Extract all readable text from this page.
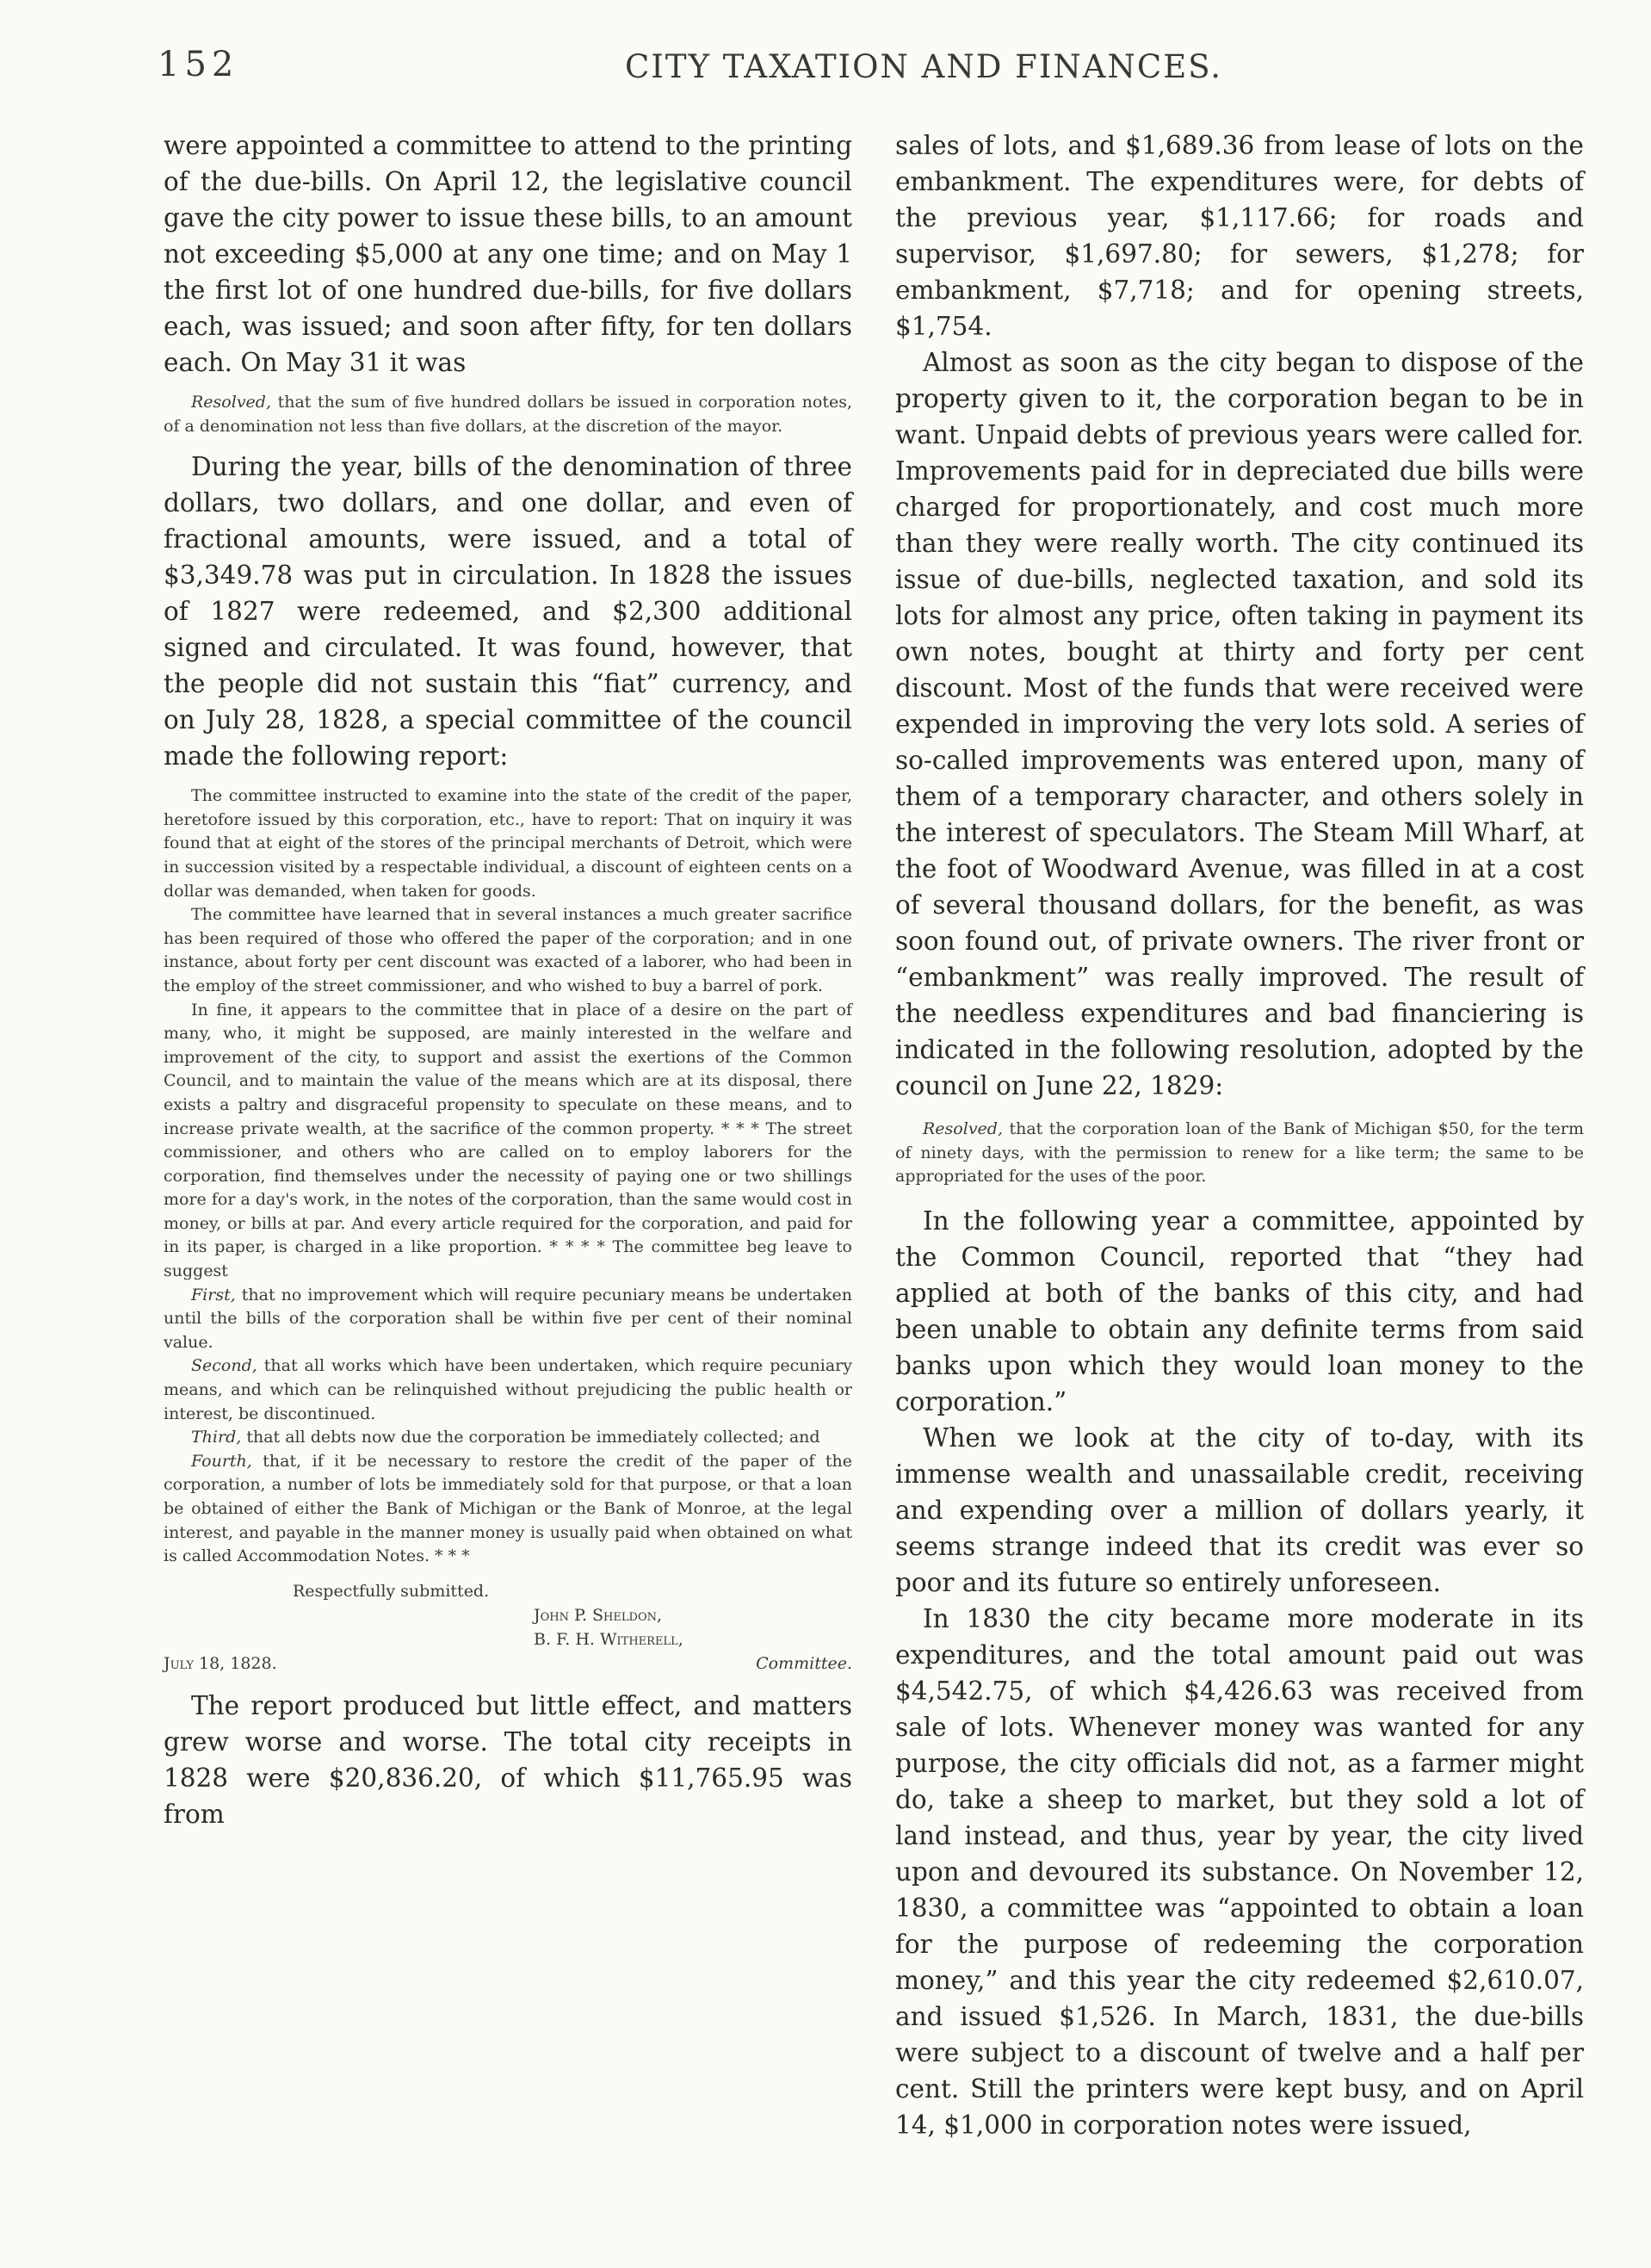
152	CITY TAXATION AND FINANCES.

were appointed a committee to attend to the printing of the due-bills. On April 12, the legislative council gave the city power to issue these bills, to an amount not exceeding $5,000 at any one time; and on May 1 the first lot of one hundred due-bills, for five dollars each, was issued; and soon after fifty, for ten dollars each. On May 31 it was

Resolved, that the sum of five hundred dollars be issued in corporation notes, of a denomination not less than five dollars, at the discretion of the mayor.

During the year, bills of the denomination of three dollars, two dollars, and one dollar, and even of fractional amounts, were issued, and a total of $3,349.78 was put in circulation. In 1828 the issues of 1827 were redeemed, and $2,300 additional signed and circulated. It was found, however, that the people did not sustain this “fiat” currency, and on July 28, 1828, a special committee of the council made the following report:

The committee instructed to examine into the state of the credit of the paper, heretofore issued by this corporation, etc., have to report: That on inquiry it was found that at eight of the stores of the principal merchants of Detroit, which were in succession visited by a respectable individual, a discount of eighteen cents on a dollar was demanded, when taken for goods.

The committee have learned that in several instances a much greater sacrifice has been required of those who offered the paper of the corporation; and in one instance, about forty per cent discount was exacted of a laborer, who had been in the employ of the street commissioner, and who wished to buy a barrel of pork.

In fine, it appears to the committee that in place of a desire on the part of many, who, it might be supposed, are mainly interested in the welfare and improvement of the city, to support and assist the exertions of the Common Council, and to maintain the value of the means which are at its disposal, there exists a paltry and disgraceful propensity to speculate on these means, and to increase private wealth, at the sacrifice of the common property. * * * The street commissioner, and others who are called on to employ laborers for the corporation, find themselves under the necessity of paying one or two shillings more for a day's work, in the notes of the corporation, than the same would cost in money, or bills at par. And every article required for the corporation, and paid for in its paper, is charged in a like proportion. * * * * The committee beg leave to suggest

First, that no improvement which will require pecuniary means be undertaken until the bills of the corporation shall be within five per cent of their nominal value.

Second, that all works which have been undertaken, which require pecuniary means, and which can be relinquished without prejudicing the public health or interest, be discontinued.

Third, that all debts now due the corporation be immediately collected; and

Fourth, that, if it be necessary to restore the credit of the paper of the corporation, a number of lots be immediately sold for that purpose, or that a loan be obtained of either the Bank of Michigan or the Bank of Monroe, at the legal interest, and payable in the manner money is usually paid when obtained on what is called Accommodation Notes. * * *

Respectfully submitted.
John P. Sheldon,
B. F. H. Witherell,
July 18, 1828.	Committee.

The report produced but little effect, and matters grew worse and worse. The total city receipts in 1828 were $20,836.20, of which $11,765.95 was from

sales of lots, and $1,689.36 from lease of lots on the embankment. The expenditures were, for debts of the previous year, $1,117.66; for roads and supervisor, $1,697.80; for sewers, $1,278; for embankment, $7,718; and for opening streets, $1,754.

Almost as soon as the city began to dispose of the property given to it, the corporation began to be in want. Unpaid debts of previous years were called for. Improvements paid for in depreciated due bills were charged for proportionately, and cost much more than they were really worth. The city continued its issue of due-bills, neglected taxation, and sold its lots for almost any price, often taking in payment its own notes, bought at thirty and forty per cent discount. Most of the funds that were received were expended in improving the very lots sold. A series of so-called improvements was entered upon, many of them of a temporary character, and others solely in the interest of speculators. The Steam Mill Wharf, at the foot of Woodward Avenue, was filled in at a cost of several thousand dollars, for the benefit, as was soon found out, of private owners. The river front or “embankment” was really improved. The result of the needless expenditures and bad financiering is indicated in the following resolution, adopted by the council on June 22, 1829:

Resolved, that the corporation loan of the Bank of Michigan $50, for the term of ninety days, with the permission to renew for a like term; the same to be appropriated for the uses of the poor.

In the following year a committee, appointed by the Common Council, reported that “they had applied at both of the banks of this city, and had been unable to obtain any definite terms from said banks upon which they would loan money to the corporation.”

When we look at the city of to-day, with its immense wealth and unassailable credit, receiving and expending over a million of dollars yearly, it seems strange indeed that its credit was ever so poor and its future so entirely unforeseen.

In 1830 the city became more moderate in its expenditures, and the total amount paid out was $4,542.75, of which $4,426.63 was received from sale of lots. Whenever money was wanted for any purpose, the city officials did not, as a farmer might do, take a sheep to market, but they sold a lot of land instead, and thus, year by year, the city lived upon and devoured its substance. On November 12, 1830, a committee was “appointed to obtain a loan for the purpose of redeeming the corporation money,” and this year the city redeemed $2,610.07, and issued $1,526. In March, 1831, the due-bills were subject to a discount of twelve and a half per cent. Still the printers were kept busy, and on April 14, $1,000 in corporation notes were issued,
